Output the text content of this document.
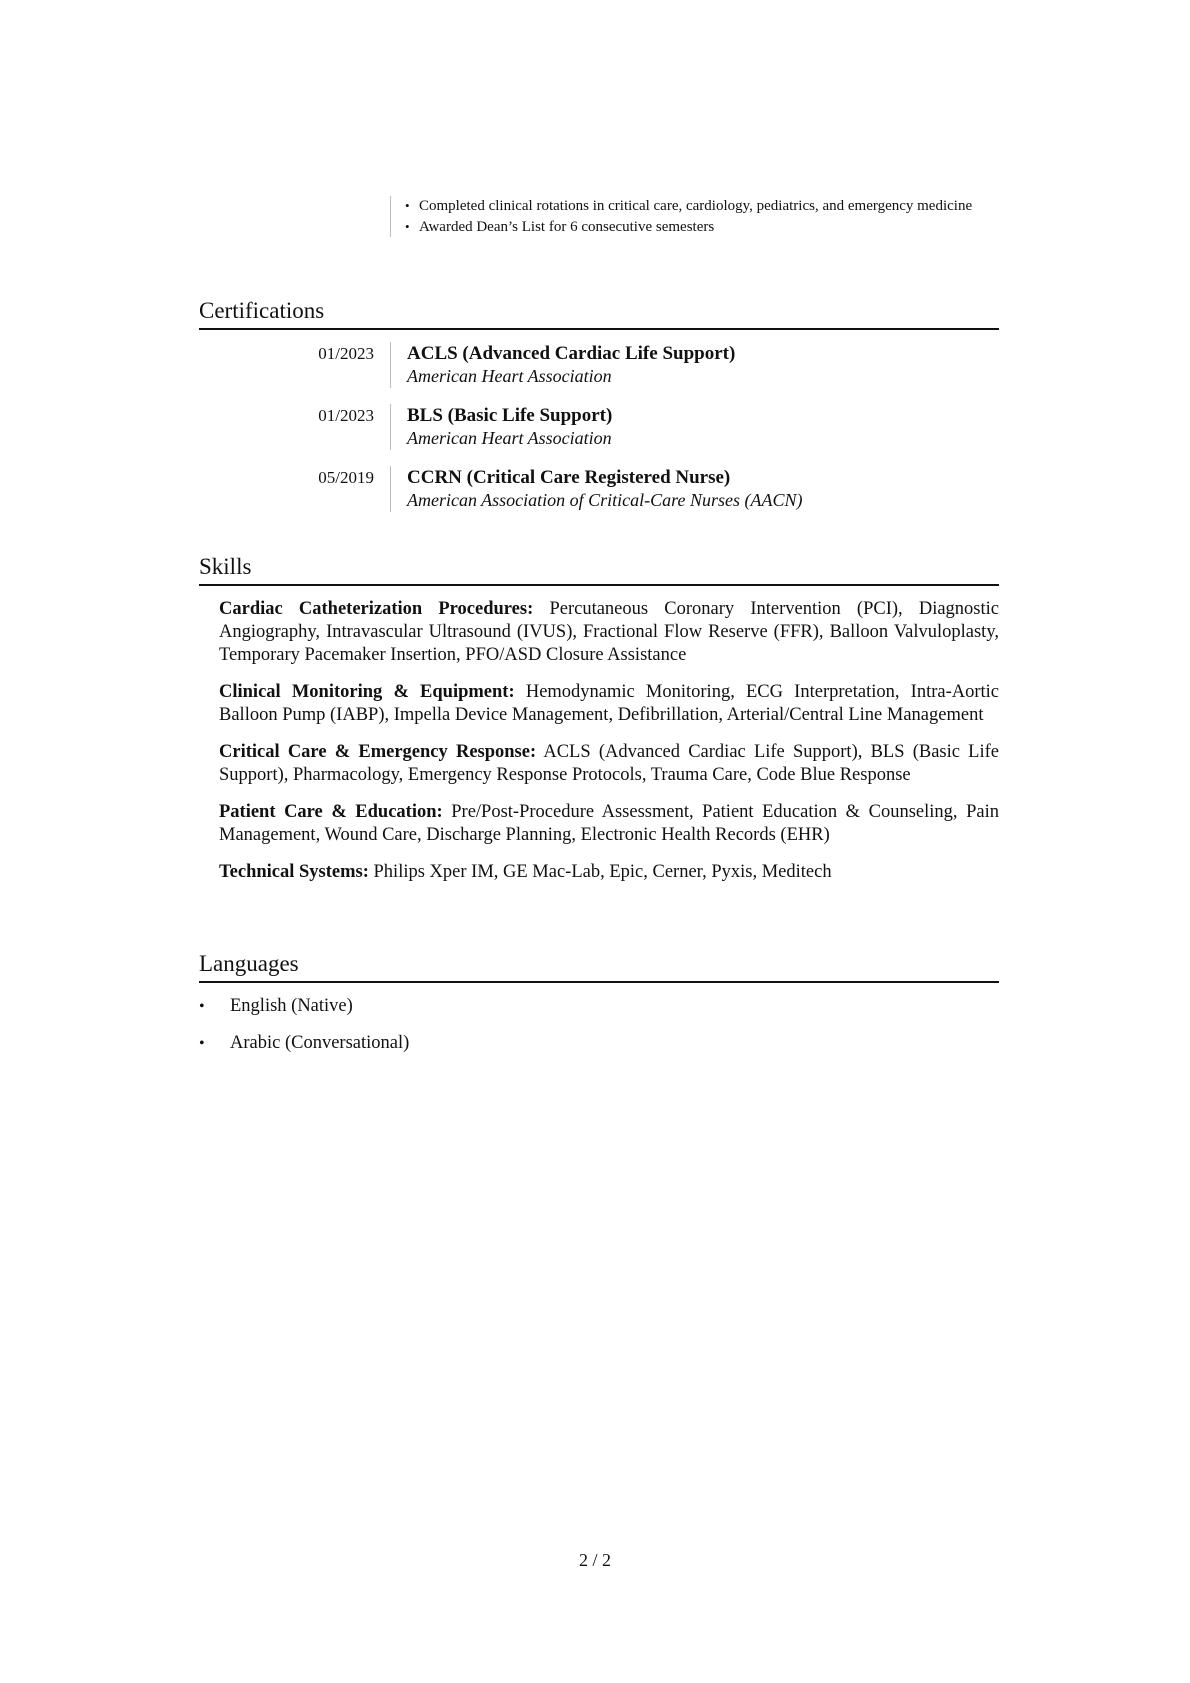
• Completed clinical rotations in critical care, cardiology, pediatrics, and emergency medicine
• Awarded Dean’s List for 6 consecutive semesters
Certifications
01/2023 ACLS (Advanced Cardiac Life Support)
American Heart Association
01/2023 BLS (Basic Life Support)
American Heart Association
05/2019 CCRN (Critical Care Registered Nurse)
American Association of Critical-Care Nurses (AACN)
Skills

Cardiac Catheterization Procedures: Percutaneous Coronary Intervention (PCI), Diagnostic Angiography, Intravascular Ultrasound (IVUS), Fractional Flow Reserve (FFR), Balloon Valvuloplasty, Temporary Pacemaker Insertion, PFO/ASD Closure Assistance

Clinical Monitoring & Equipment: Hemodynamic Monitoring, ECG Interpretation, Intra-Aortic Balloon Pump (IABP), Impella Device Management, Defibrillation, Arterial/Central Line Management

Critical Care & Emergency Response: ACLS (Advanced Cardiac Life Support), BLS (Basic Life Support), Pharmacology, Emergency Response Protocols, Trauma Care, Code Blue Response

Patient Care & Education: Pre/Post-Procedure Assessment, Patient Education & Counseling, Pain Management, Wound Care, Discharge Planning, Electronic Health Records (EHR)

Technical Systems: Philips Xper IM, GE Mac-Lab, Epic, Cerner, Pyxis, Meditech

Languages
• English (Native)
• Arabic (Conversational)
2 / 2
